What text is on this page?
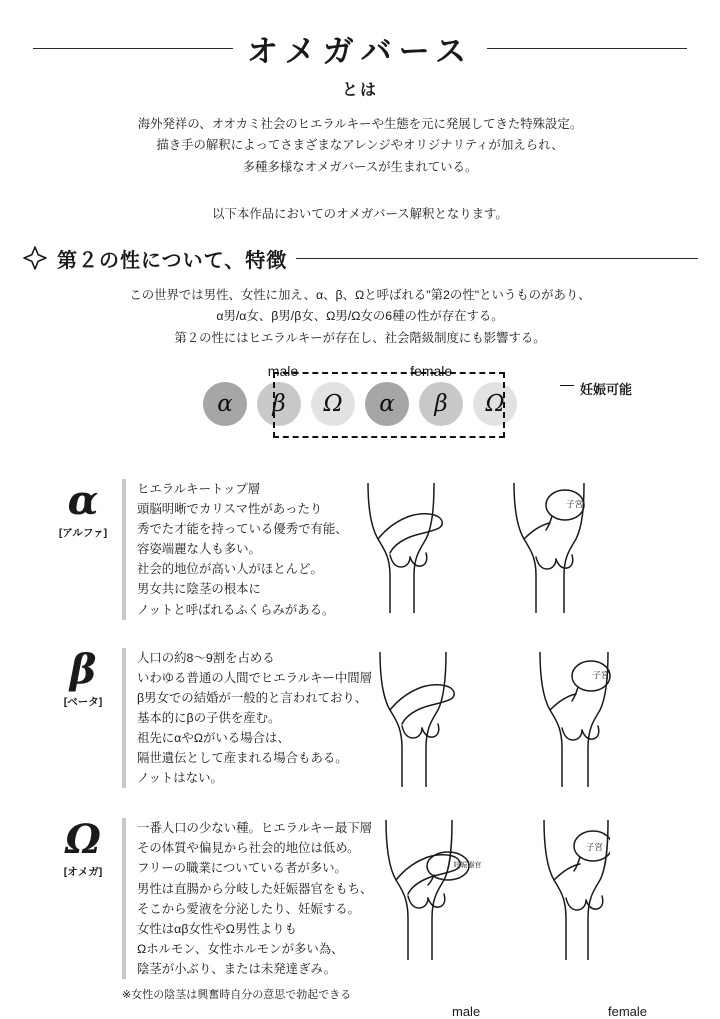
オメガバース
とは
海外発祥の、オオカミ社会のヒエラルキーや生態を元に発展してきた特殊設定。
描き手の解釈によってさまざまなアレンジやオリジナリティが加えられ、
多種多様なオメガバースが生まれている。
以下本作品においてのオメガバース解釈となります。
第２の性について、特徴
この世界では男性、女性に加え、α、β、Ωと呼ばれる"第2の性"というものがあり、
α男/α女、β男/β女、Ω男/Ω女の6種の性が存在する。
第２の性にはヒエラルキーが存在し、社会階級制度にも影響する。
male	female
α	β	Ω	α	β	Ω
妊娠可能
α
[アルファ]
ヒエラルキートップ層
頭脳明晰でカリスマ性があったり
秀でた才能を持っている優秀で有能、
容姿端麗な人も多い。
社会的地位が高い人がほとんど。
男女共に陰茎の根本に
ノットと呼ばれるふくらみがある。
子宮
β
[ベータ]
人口の約8〜9割を占める
いわゆる普通の人間でヒエラルキー中間層
β男女での結婚が一般的と言われており、
基本的にβの子供を産む。
祖先にαやΩがいる場合は、
隔世遺伝として産まれる場合もある。
ノットはない。
子宮
Ω
[オメガ]
一番人口の少ない種。ヒエラルキー最下層
その体質や偏見から社会的地位は低め。
フリーの職業についている者が多い。
男性は直腸から分岐した妊娠器官をもち、
そこから愛液を分泌したり、妊娠する。
女性はαβ女性やΩ男性よりも
Ωホルモン、女性ホルモンが多い為、
陰茎が小ぶり、または未発達ぎみ。
妊娠器官
子宮
※女性の陰茎は興奮時自分の意思で勃起できる
male	female
